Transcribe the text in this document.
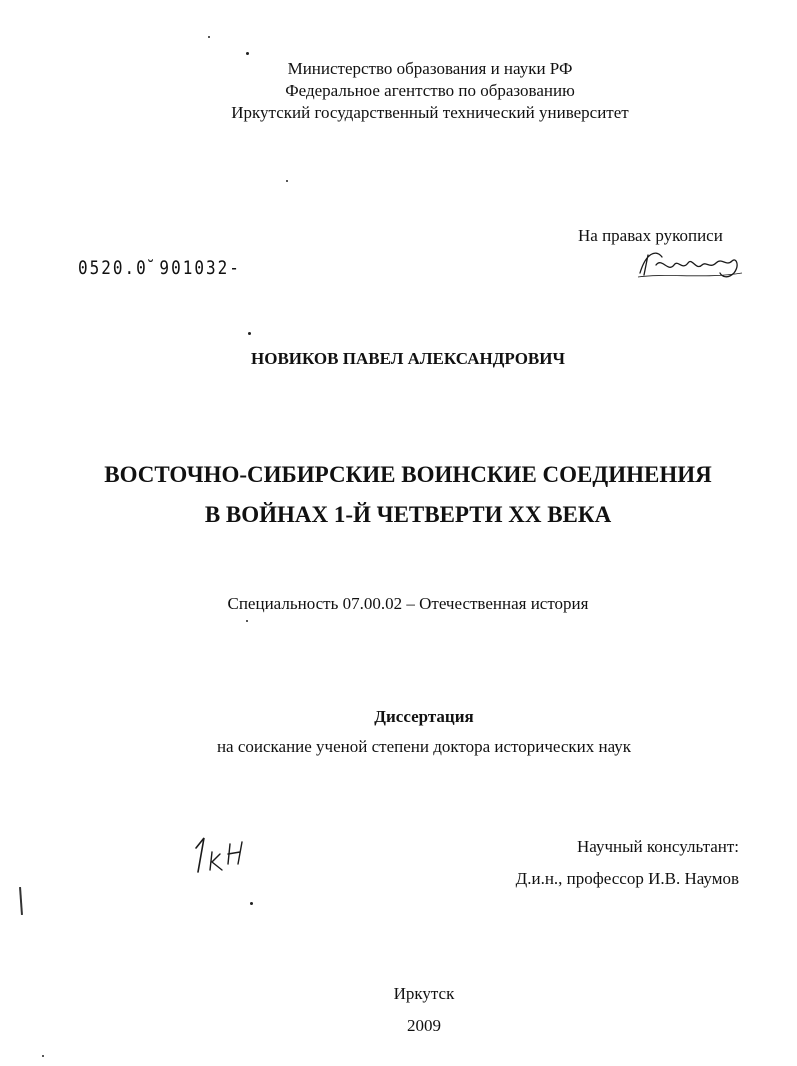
Министерство образования и науки РФ
Федеральное агентство по образованию
Иркутский государственный технический университет
На правах рукописи
0520.0̆ 901032-
НОВИКОВ ПАВЕЛ АЛЕКСАНДРОВИЧ
ВОСТОЧНО-СИБИРСКИЕ ВОИНСКИЕ СОЕДИНЕНИЯ
В ВОЙНАХ 1-Й ЧЕТВЕРТИ XX ВЕКА
Специальность 07.00.02 – Отечественная история
Диссертация
на соискание ученой степени доктора исторических наук
Научный консультант:
Д.и.н., профессор И.В. Наумов
Иркутск
2009
